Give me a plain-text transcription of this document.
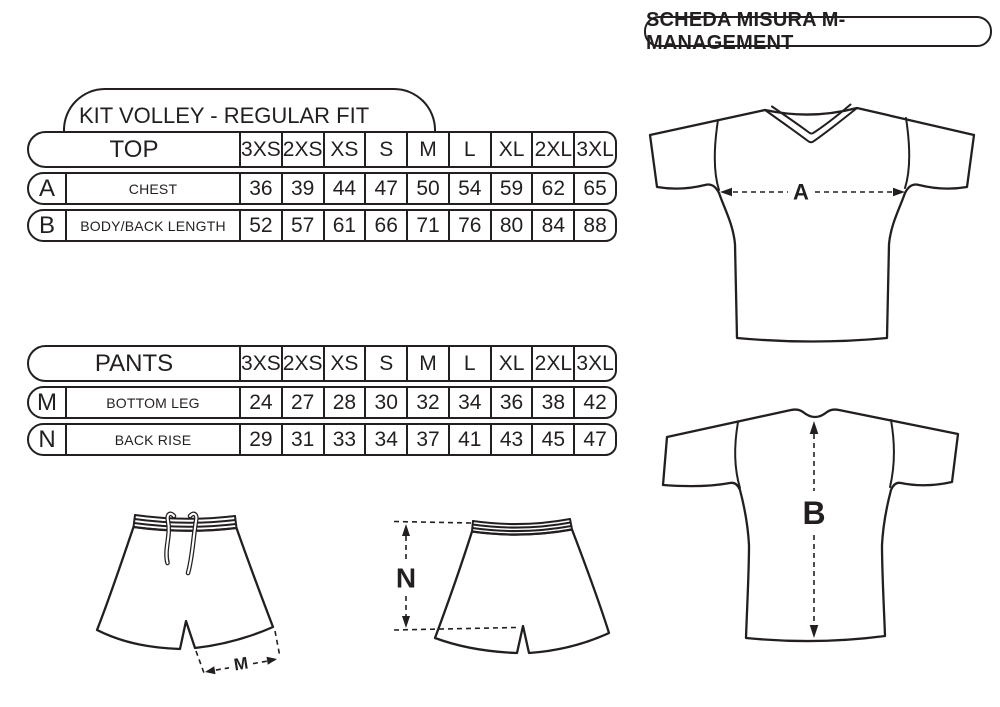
SCHEDA MISURA M-MANAGEMENT
KIT VOLLEY - REGULAR FIT
TOP	3XS 2XS XS S	M	L	XL 2XL 3XL
A	CHEST	36 39 44 47 50 54 59 62 65
B	BODY/BACK LENGTH	52 57 61 66 71 76 80 84 88
PANTS	3XS 2XS XS S	M	L	XL 2XL 3XL
M	BOTTOM LEG	24 27 28 30 32 34 36 38 42
N	BACK RISE	29 31 33 34 37 41 43 45 47
A
B
M
N
